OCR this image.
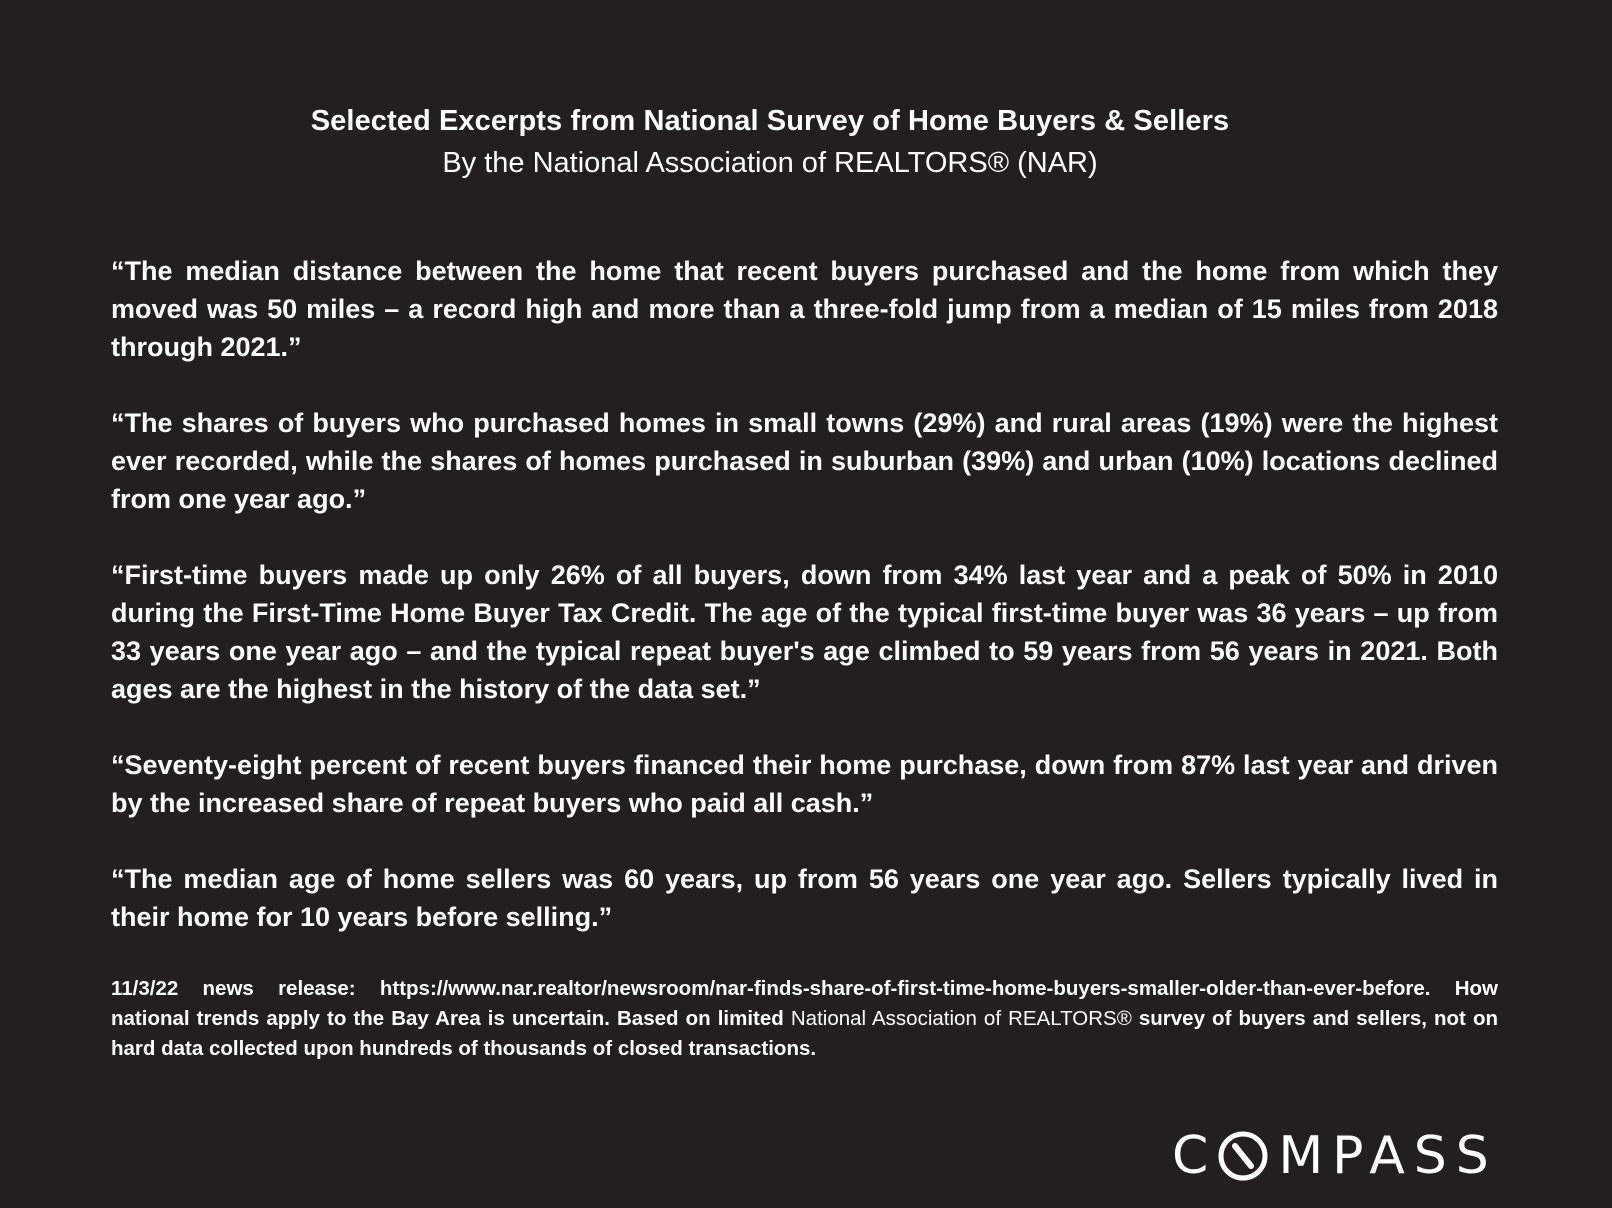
Selected Excerpts from National Survey of Home Buyers & Sellers
By the National Association of REALTORS® (NAR)

“The median distance between the home that recent buyers purchased and the home from which they moved was 50 miles – a record high and more than a three-fold jump from a median of 15 miles from 2018 through 2021.”

“The shares of buyers who purchased homes in small towns (29%) and rural areas (19%) were the highest ever recorded, while the shares of homes purchased in suburban (39%) and urban (10%) locations declined from one year ago.”

“First-time buyers made up only 26% of all buyers, down from 34% last year and a peak of 50% in 2010 during the First-Time Home Buyer Tax Credit. The age of the typical first-time buyer was 36 years – up from 33 years one year ago – and the typical repeat buyer's age climbed to 59 years from 56 years in 2021. Both ages are the highest in the history of the data set.”

“Seventy-eight percent of recent buyers financed their home purchase, down from 87% last year and driven by the increased share of repeat buyers who paid all cash.”

“The median age of home sellers was 60 years, up from 56 years one year ago. Sellers typically lived in their home for 10 years before selling.”

11/3/22 news release: https://www.nar.realtor/newsroom/nar-finds-share-of-first-time-home-buyers-smaller-older-than-ever-before. How national trends apply to the Bay Area is uncertain. Based on limited National Association of REALTORS® survey of buyers and sellers, not on hard data collected upon hundreds of thousands of closed transactions.
C MPASS
